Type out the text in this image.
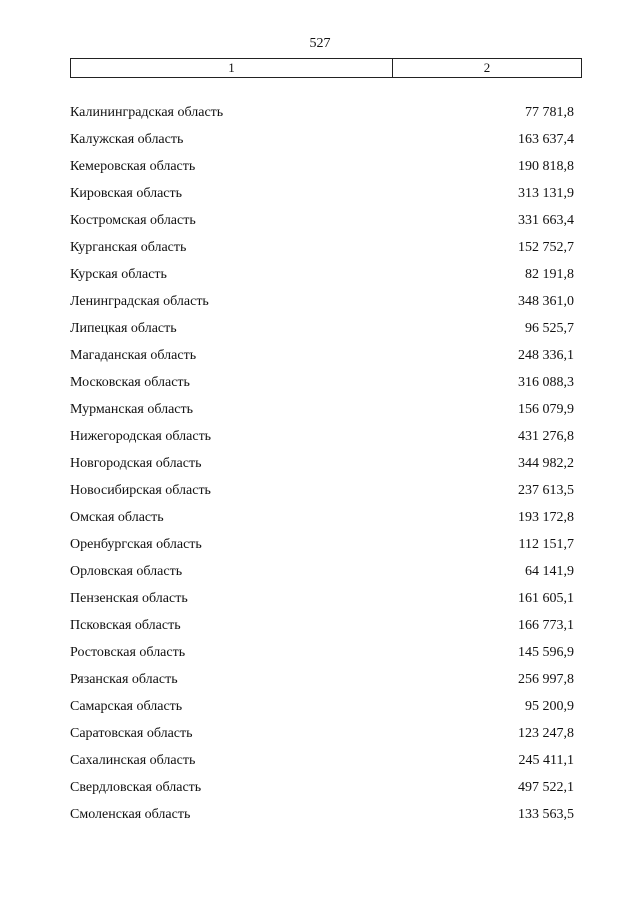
527
1	2
Калининградская область	77 781,8
Калужская область	163 637,4
Кемеровская область	190 818,8
Кировская область	313 131,9
Костромская область	331 663,4
Курганская область	152 752,7
Курская область	82 191,8
Ленинградская область	348 361,0
Липецкая область	96 525,7
Магаданская область	248 336,1
Московская область	316 088,3
Мурманская область	156 079,9
Нижегородская область	431 276,8
Новгородская область	344 982,2
Новосибирская область	237 613,5
Омская область	193 172,8
Оренбургская область	112 151,7
Орловская область	64 141,9
Пензенская область	161 605,1
Псковская область	166 773,1
Ростовская область	145 596,9
Рязанская область	256 997,8
Самарская область	95 200,9
Саратовская область	123 247,8
Сахалинская область	245 411,1
Свердловская область	497 522,1
Смоленская область	133 563,5
